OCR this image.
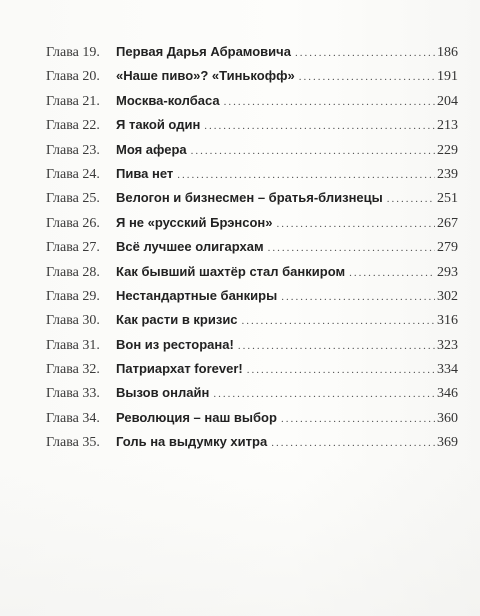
Глава 19.	Первая Дарья Абрамовича .....	186
Глава 20.	«Наше пиво»? «Тинькофф» .....	191
Глава 21.	Москва-колбаса .....	204
Глава 22.	Я такой один .....	213
Глава 23.	Моя афера .....	229
Глава 24.	Пива нет .....	239
Глава 25.	Велогон и бизнесмен – братья-близнецы .....	251
Глава 26.	Я не «русский Брэнсон» .....	267
Глава 27.	Всё лучшее олигархам .....	279
Глава 28.	Как бывший шахтёр стал банкиром .....	293
Глава 29.	Нестандартные банкиры .....	302
Глава 30.	Как расти в кризис .....	316
Глава 31.	Вон из ресторана! .....	323
Глава 32.	Патриархат forever! .....	334
Глава 33.	Вызов онлайн .....	346
Глава 34.	Революция – наш выбор .....	360
Глава 35.	Голь на выдумку хитра .....	369
